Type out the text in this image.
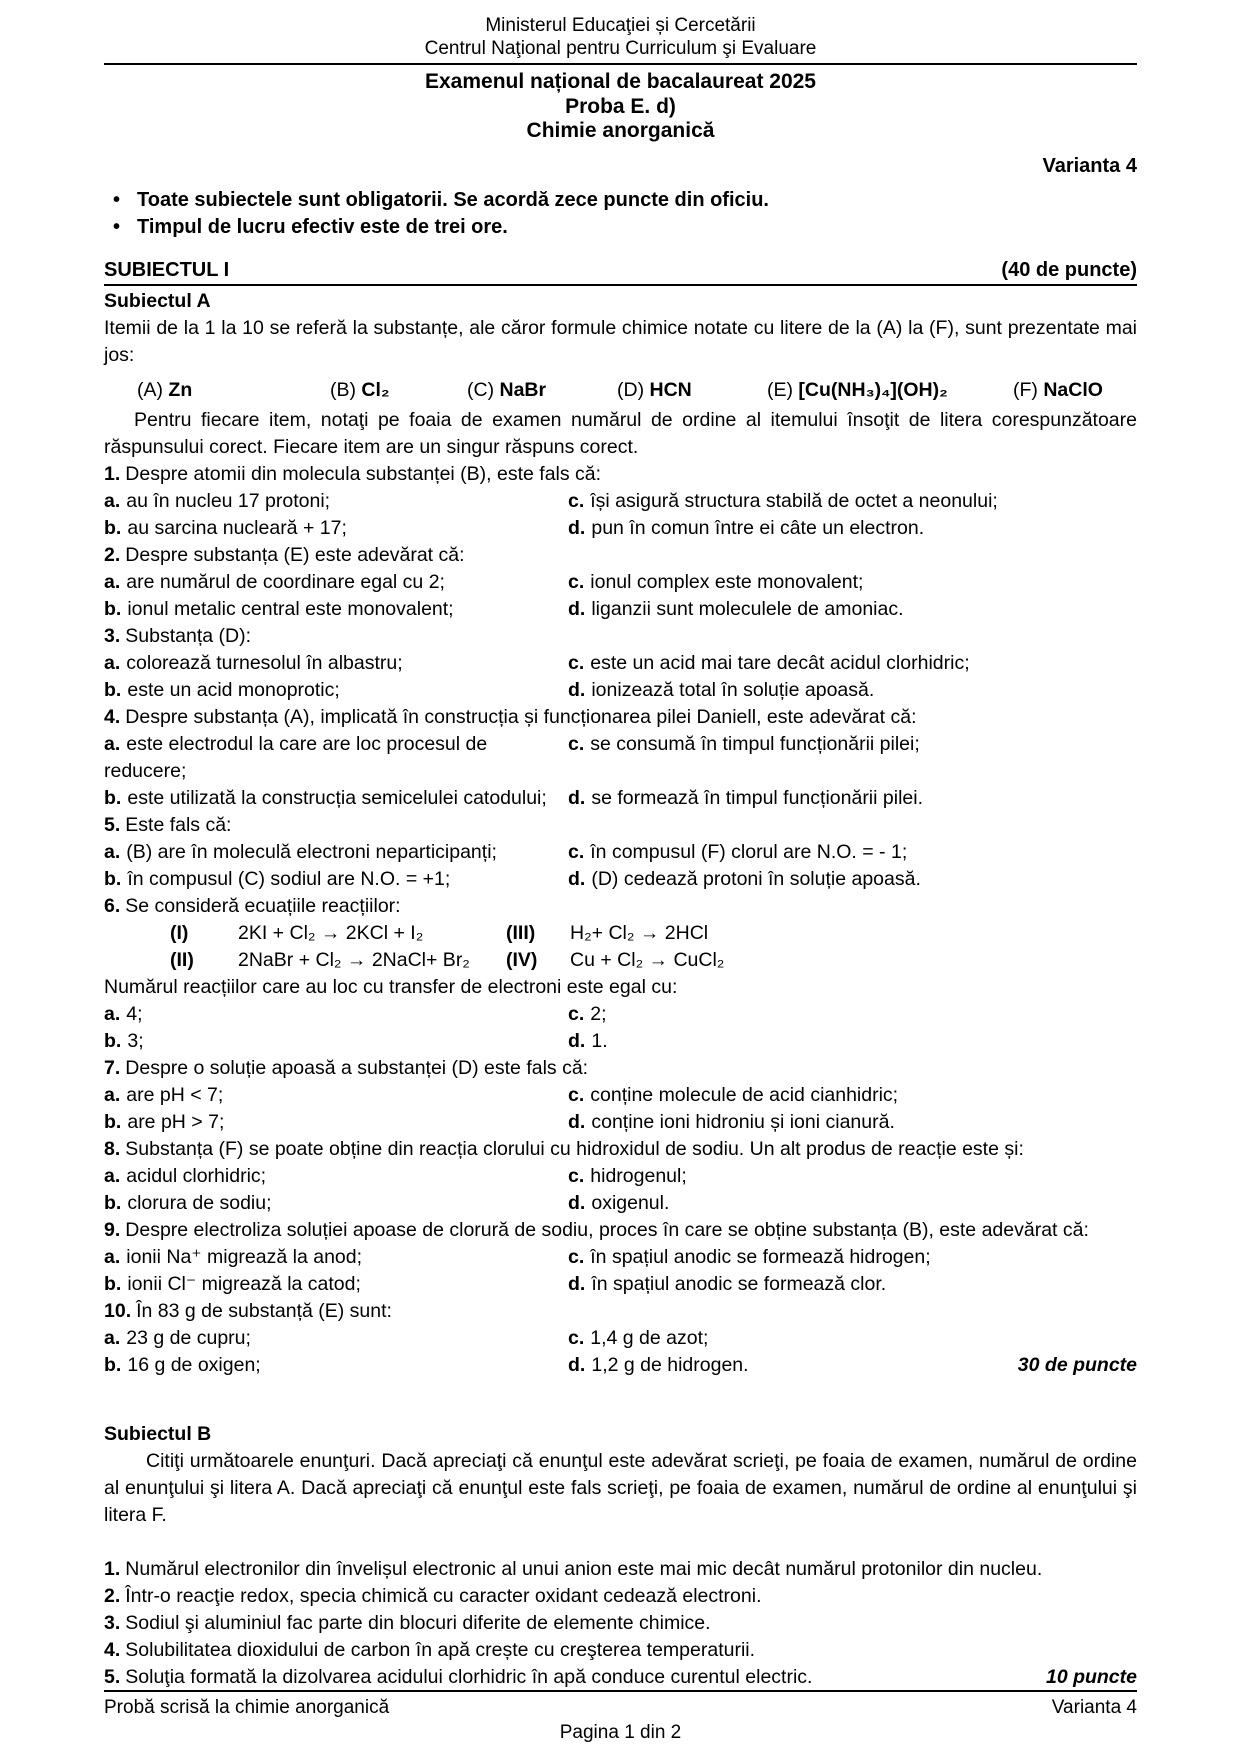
Ministerul Educaţiei și Cercetării
Centrul Naţional pentru Curriculum şi Evaluare
Examenul național de bacalaureat 2025
Proba E. d)
Chimie anorganică
Varianta 4
• Toate subiectele sunt obligatorii. Se acordă zece puncte din oficiu.
• Timpul de lucru efectiv este de trei ore.
SUBIECTUL I	(40 de puncte)
Subiectul A

Itemii de la 1 la 10 se referă la substanțe, ale căror formule chimice notate cu litere de la (A) la (F), sunt prezentate mai jos:

(A) Zn	(B) Cl₂	(C) NaBr	(D) HCN	(E) [Cu(NH₃)₄](OH)₂	(F) NaClO

Pentru fiecare item, notaţi pe foaia de examen numărul de ordine al itemului însoţit de litera corespunzătoare răspunsului corect. Fiecare item are un singur răspuns corect.

1. Despre atomii din molecula substanței (B), este fals că:
a. au în nucleu 17 protoni;	c. își asigură structura stabilă de octet a neonului;
b. au sarcina nucleară + 17;	d. pun în comun între ei câte un electron.
2. Despre substanța (E) este adevărat că:
a. are numărul de coordinare egal cu 2;	c. ionul complex este monovalent;
b. ionul metalic central este monovalent;	d. liganzii sunt moleculele de amoniac.
3. Substanța (D):
a. colorează turnesolul în albastru;	c. este un acid mai tare decât acidul clorhidric;
b. este un acid monoprotic;	d. ionizează total în soluție apoasă.
4. Despre substanța (A), implicată în construcția și funcționarea pilei Daniell, este adevărat că:
a. este electrodul la care are loc procesul de reducere;
c. se consumă în timpul funcționării pilei;
b. este utilizată la construcția semicelulei catodului;	d. se formează în timpul funcționării pilei.
5. Este fals că:
a. (B) are în moleculă electroni neparticipanți;	c. în compusul (F) clorul are N.O. = - 1;
b. în compusul (C) sodiul are N.O. = +1;	d. (D) cedează protoni în soluție apoasă.
6. Se consideră ecuațiile reacțiilor:
(I)	2KI + Cl₂ → 2KCl + I₂	(III)	H₂+ Cl₂ → 2HCl
(II)	2NaBr + Cl₂ → 2NaCl+ Br₂	(IV)	Cu + Cl₂ → CuCl₂
Numărul reacțiilor care au loc cu transfer de electroni este egal cu:
a. 4;	c. 2;
b. 3;	d. 1.
7. Despre o soluție apoasă a substanței (D) este fals că:
a. are pH < 7;	c. conține molecule de acid cianhidric;
b. are pH > 7;	d. conține ioni hidroniu și ioni cianură.
8. Substanța (F) se poate obține din reacția clorului cu hidroxidul de sodiu. Un alt produs de reacție este și:
a. acidul clorhidric;	c. hidrogenul;
b. clorura de sodiu;	d. oxigenul.
9. Despre electroliza soluției apoase de clorură de sodiu, proces în care se obține substanța (B), este adevărat că:
a. ionii Na⁺ migrează la anod;	c. în spațiul anodic se formează hidrogen;
b. ionii Cl⁻ migrează la catod;	d. în spațiul anodic se formează clor.
10. În 83 g de substanță (E) sunt:
a. 23 g de cupru;	c. 1,4 g de azot;
b. 16 g de oxigen;	d. 1,2 g de hidrogen.	30 de puncte
Subiectul B

Citiţi următoarele enunţuri. Dacă apreciaţi că enunţul este adevărat scrieţi, pe foaia de examen, numărul de ordine al enunţului şi litera A. Dacă apreciaţi că enunţul este fals scrieţi, pe foaia de examen, numărul de ordine al enunţului şi litera F.

1. Numărul electronilor din învelișul electronic al unui anion este mai mic decât numărul protonilor din nucleu.
2. Într-o reacţie redox, specia chimică cu caracter oxidant cedează electroni.
3. Sodiul şi aluminiul fac parte din blocuri diferite de elemente chimice.
4. Solubilitatea dioxidului de carbon în apă crește cu creşterea temperaturii.
5. Soluţia formată la dizolvarea acidului clorhidric în apă conduce curentul electric.	10 puncte
Probă scrisă la chimie anorganică	Varianta 4
Pagina 1 din 2
